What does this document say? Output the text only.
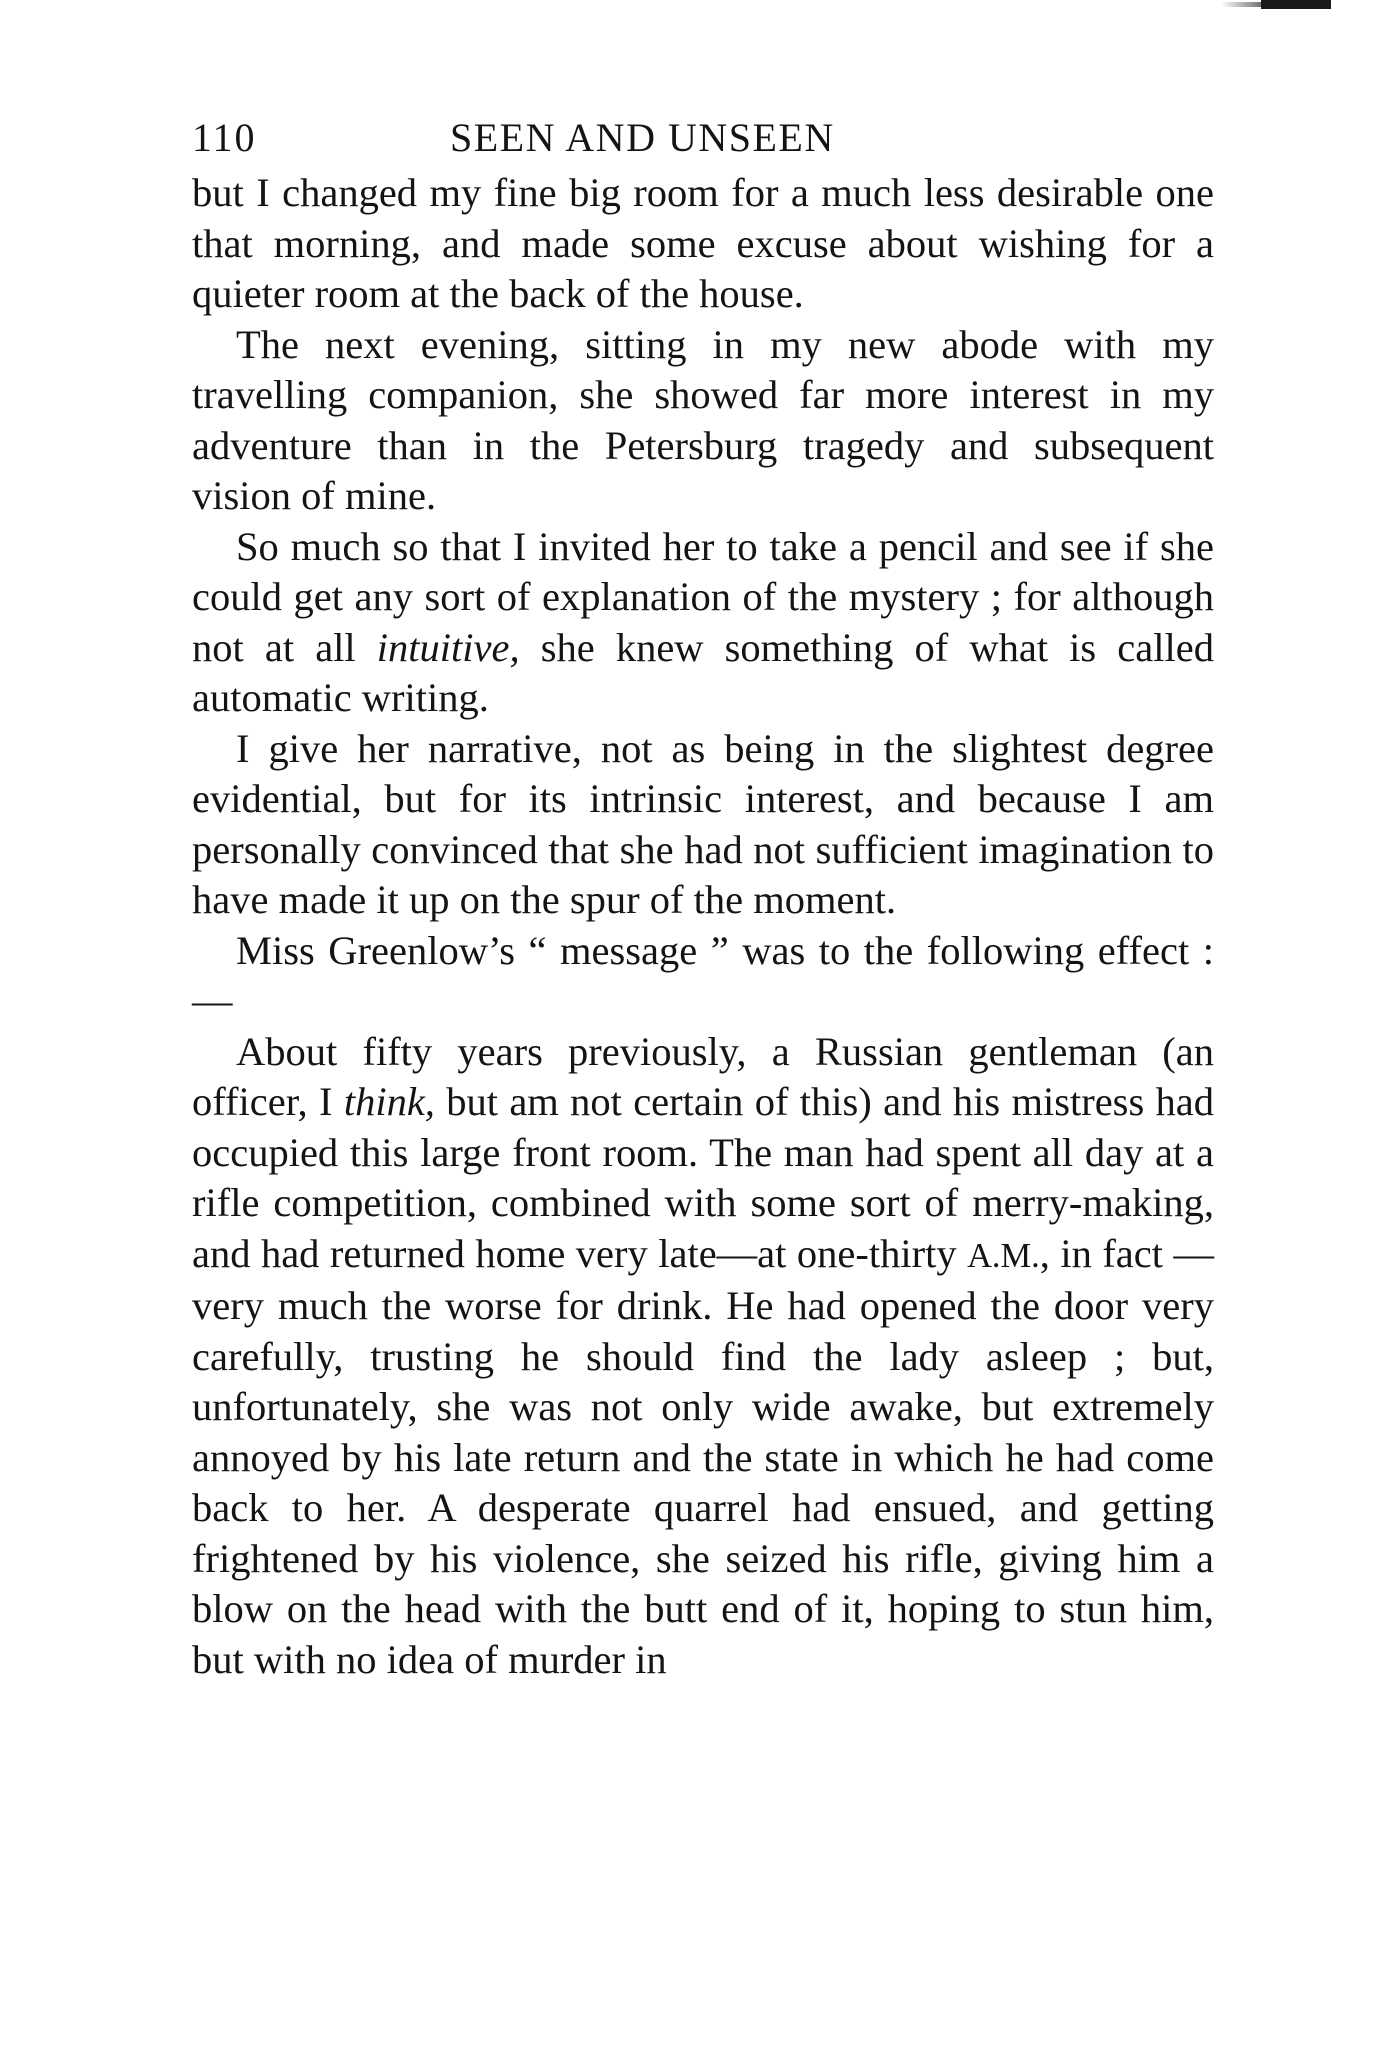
110	SEEN AND UNSEEN

but I changed my fine big room for a much less desirable one that morning, and made some excuse about wishing for a quieter room at the back of the house.

The next evening, sitting in my new abode with my travelling companion, she showed far more interest in my adventure than in the Petersburg tragedy and subsequent vision of mine.

So much so that I invited her to take a pencil and see if she could get any sort of explanation of the mystery ; for although not at all intuitive, she knew something of what is called automatic writing.

I give her narrative, not as being in the slightest degree evidential, but for its intrinsic interest, and because I am personally convinced that she had not sufficient imagination to have made it up on the spur of the moment.

Miss Greenlow’s “ message ” was to the following effect :—

About fifty years previously, a Russian gentleman (an officer, I think, but am not certain of this) and his mistress had occupied this large front room. The man had spent all day at a rifle competition, combined with some sort of merry-making, and had returned home very late—at one-thirty A.M., in fact —very much the worse for drink. He had opened the door very carefully, trusting he should find the lady asleep ; but, unfortunately, she was not only wide awake, but extremely annoyed by his late return and the state in which he had come back to her. A desperate quarrel had ensued, and getting frightened by his violence, she seized his rifle, giving him a blow on the head with the butt end of it, hoping to stun him, but with no idea of murder in
